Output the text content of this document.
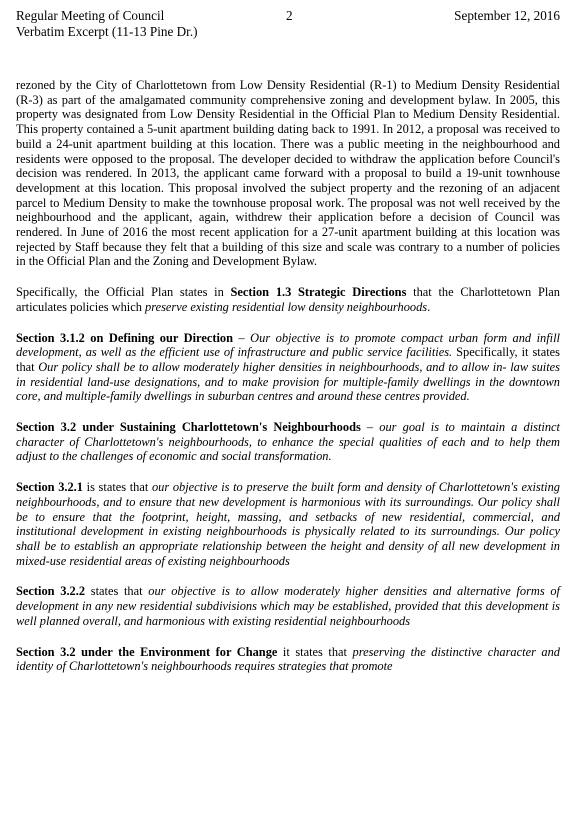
Regular Meeting of Council	2	September 12, 2016
Verbatim Excerpt (11-13 Pine Dr.)

rezoned by the City of Charlottetown from Low Density Residential (R-1) to Medium Density Residential (R-3) as part of the amalgamated community comprehensive zoning and development bylaw. In 2005, this property was designated from Low Density Residential in the Official Plan to Medium Density Residential. This property contained a 5-unit apartment building dating back to 1991. In 2012, a proposal was received to build a 24-unit apartment building at this location. There was a public meeting in the neighbourhood and residents were opposed to the proposal. The developer decided to withdraw the application before Council's decision was rendered. In 2013, the applicant came forward with a proposal to build a 19-unit townhouse development at this location. This proposal involved the subject property and the rezoning of an adjacent parcel to Medium Density to make the townhouse proposal work. The proposal was not well received by the neighbourhood and the applicant, again, withdrew their application before a decision of Council was rendered. In June of 2016 the most recent application for a 27-unit apartment building at this location was rejected by Staff because they felt that a building of this size and scale was contrary to a number of policies in the Official Plan and the Zoning and Development Bylaw.

Specifically, the Official Plan states in Section 1.3 Strategic Directions that the Charlottetown Plan articulates policies which preserve existing residential low density neighbourhoods.

Section 3.1.2 on Defining our Direction – Our objective is to promote compact urban form and infill development, as well as the efficient use of infrastructure and public service facilities. Specifically, it states that Our policy shall be to allow moderately higher densities in neighbourhoods, and to allow in- law suites in residential land-use designations, and to make provision for multiple-family dwellings in the downtown core, and multiple-family dwellings in suburban centres and around these centres provided.

Section 3.2 under Sustaining Charlottetown's Neighbourhoods – our goal is to maintain a distinct character of Charlottetown's neighbourhoods, to enhance the special qualities of each and to help them adjust to the challenges of economic and social transformation.

Section 3.2.1 is states that our objective is to preserve the built form and density of Charlottetown's existing neighbourhoods, and to ensure that new development is harmonious with its surroundings. Our policy shall be to ensure that the footprint, height, massing, and setbacks of new residential, commercial, and institutional development in existing neighbourhoods is physically related to its surroundings. Our policy shall be to establish an appropriate relationship between the height and density of all new development in mixed-use residential areas of existing neighbourhoods

Section 3.2.2 states that our objective is to allow moderately higher densities and alternative forms of development in any new residential subdivisions which may be established, provided that this development is well planned overall, and harmonious with existing residential neighbourhoods

Section 3.2 under the Environment for Change it states that preserving the distinctive character and identity of Charlottetown's neighbourhoods requires strategies that promote
